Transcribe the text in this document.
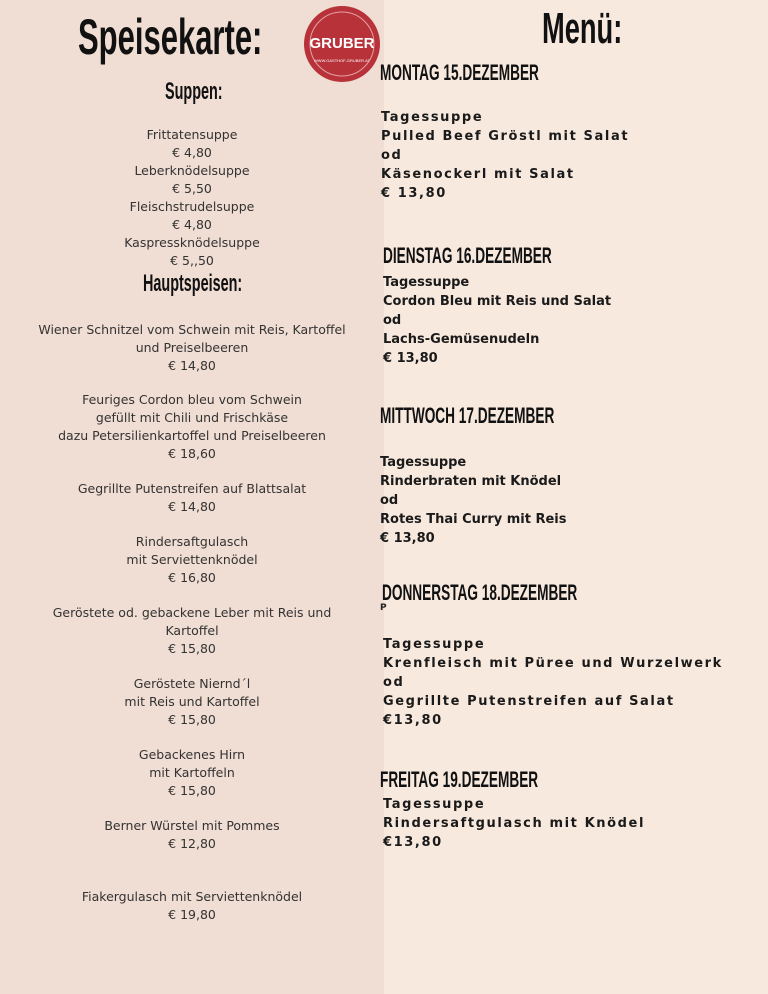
Speisekarte:	Menü:
GRUBER
WWW.GASTHOF-GRUBER.AT
Suppen:
Frittatensuppe
€ 4,80
Leberknödelsuppe
€ 5,50
Fleischstrudelsuppe
€ 4,80
Kaspressknödelsuppe
€ 5,,50
Hauptspeisen:
Wiener Schnitzel vom Schwein mit Reis, Kartoffel
und Preiselbeeren
€ 14,80
Feuriges Cordon bleu vom Schwein
gefüllt mit Chili und Frischkäse
dazu Petersilienkartoffel und Preiselbeeren
€ 18,60
Gegrillte Putenstreifen auf Blattsalat
€ 14,80
Rindersaftgulasch
mit Serviettenknödel
€ 16,80
Geröstete od. gebackene Leber mit Reis und
Kartoffel
€ 15,80
Geröstete Niernd´l
mit Reis und Kartoffel
€ 15,80
Gebackenes Hirn
mit Kartoffeln
€ 15,80
Berner Würstel mit Pommes
€ 12,80
Fiakergulasch mit Serviettenknödel
€ 19,80
MONTAG 15.DEZEMBER
Tagessuppe
Pulled Beef Gröstl mit Salat
od
Käsenockerl mit Salat
€ 13,80
DIENSTAG 16.DEZEMBER
Tagessuppe
Cordon Bleu mit Reis und Salat
od
Lachs-Gemüsenudeln
€ 13,80
MITTWOCH 17.DEZEMBER
Tagessuppe
Rinderbraten mit Knödel
od
Rotes Thai Curry mit Reis
€ 13,80
DONNERSTAG 18.DEZEMBER
P
Tagessuppe
Krenfleisch mit Püree und Wurzelwerk
od
Gegrillte Putenstreifen auf Salat
€13,80
FREITAG 19.DEZEMBER
Tagessuppe
Rindersaftgulasch mit Knödel
€13,80
